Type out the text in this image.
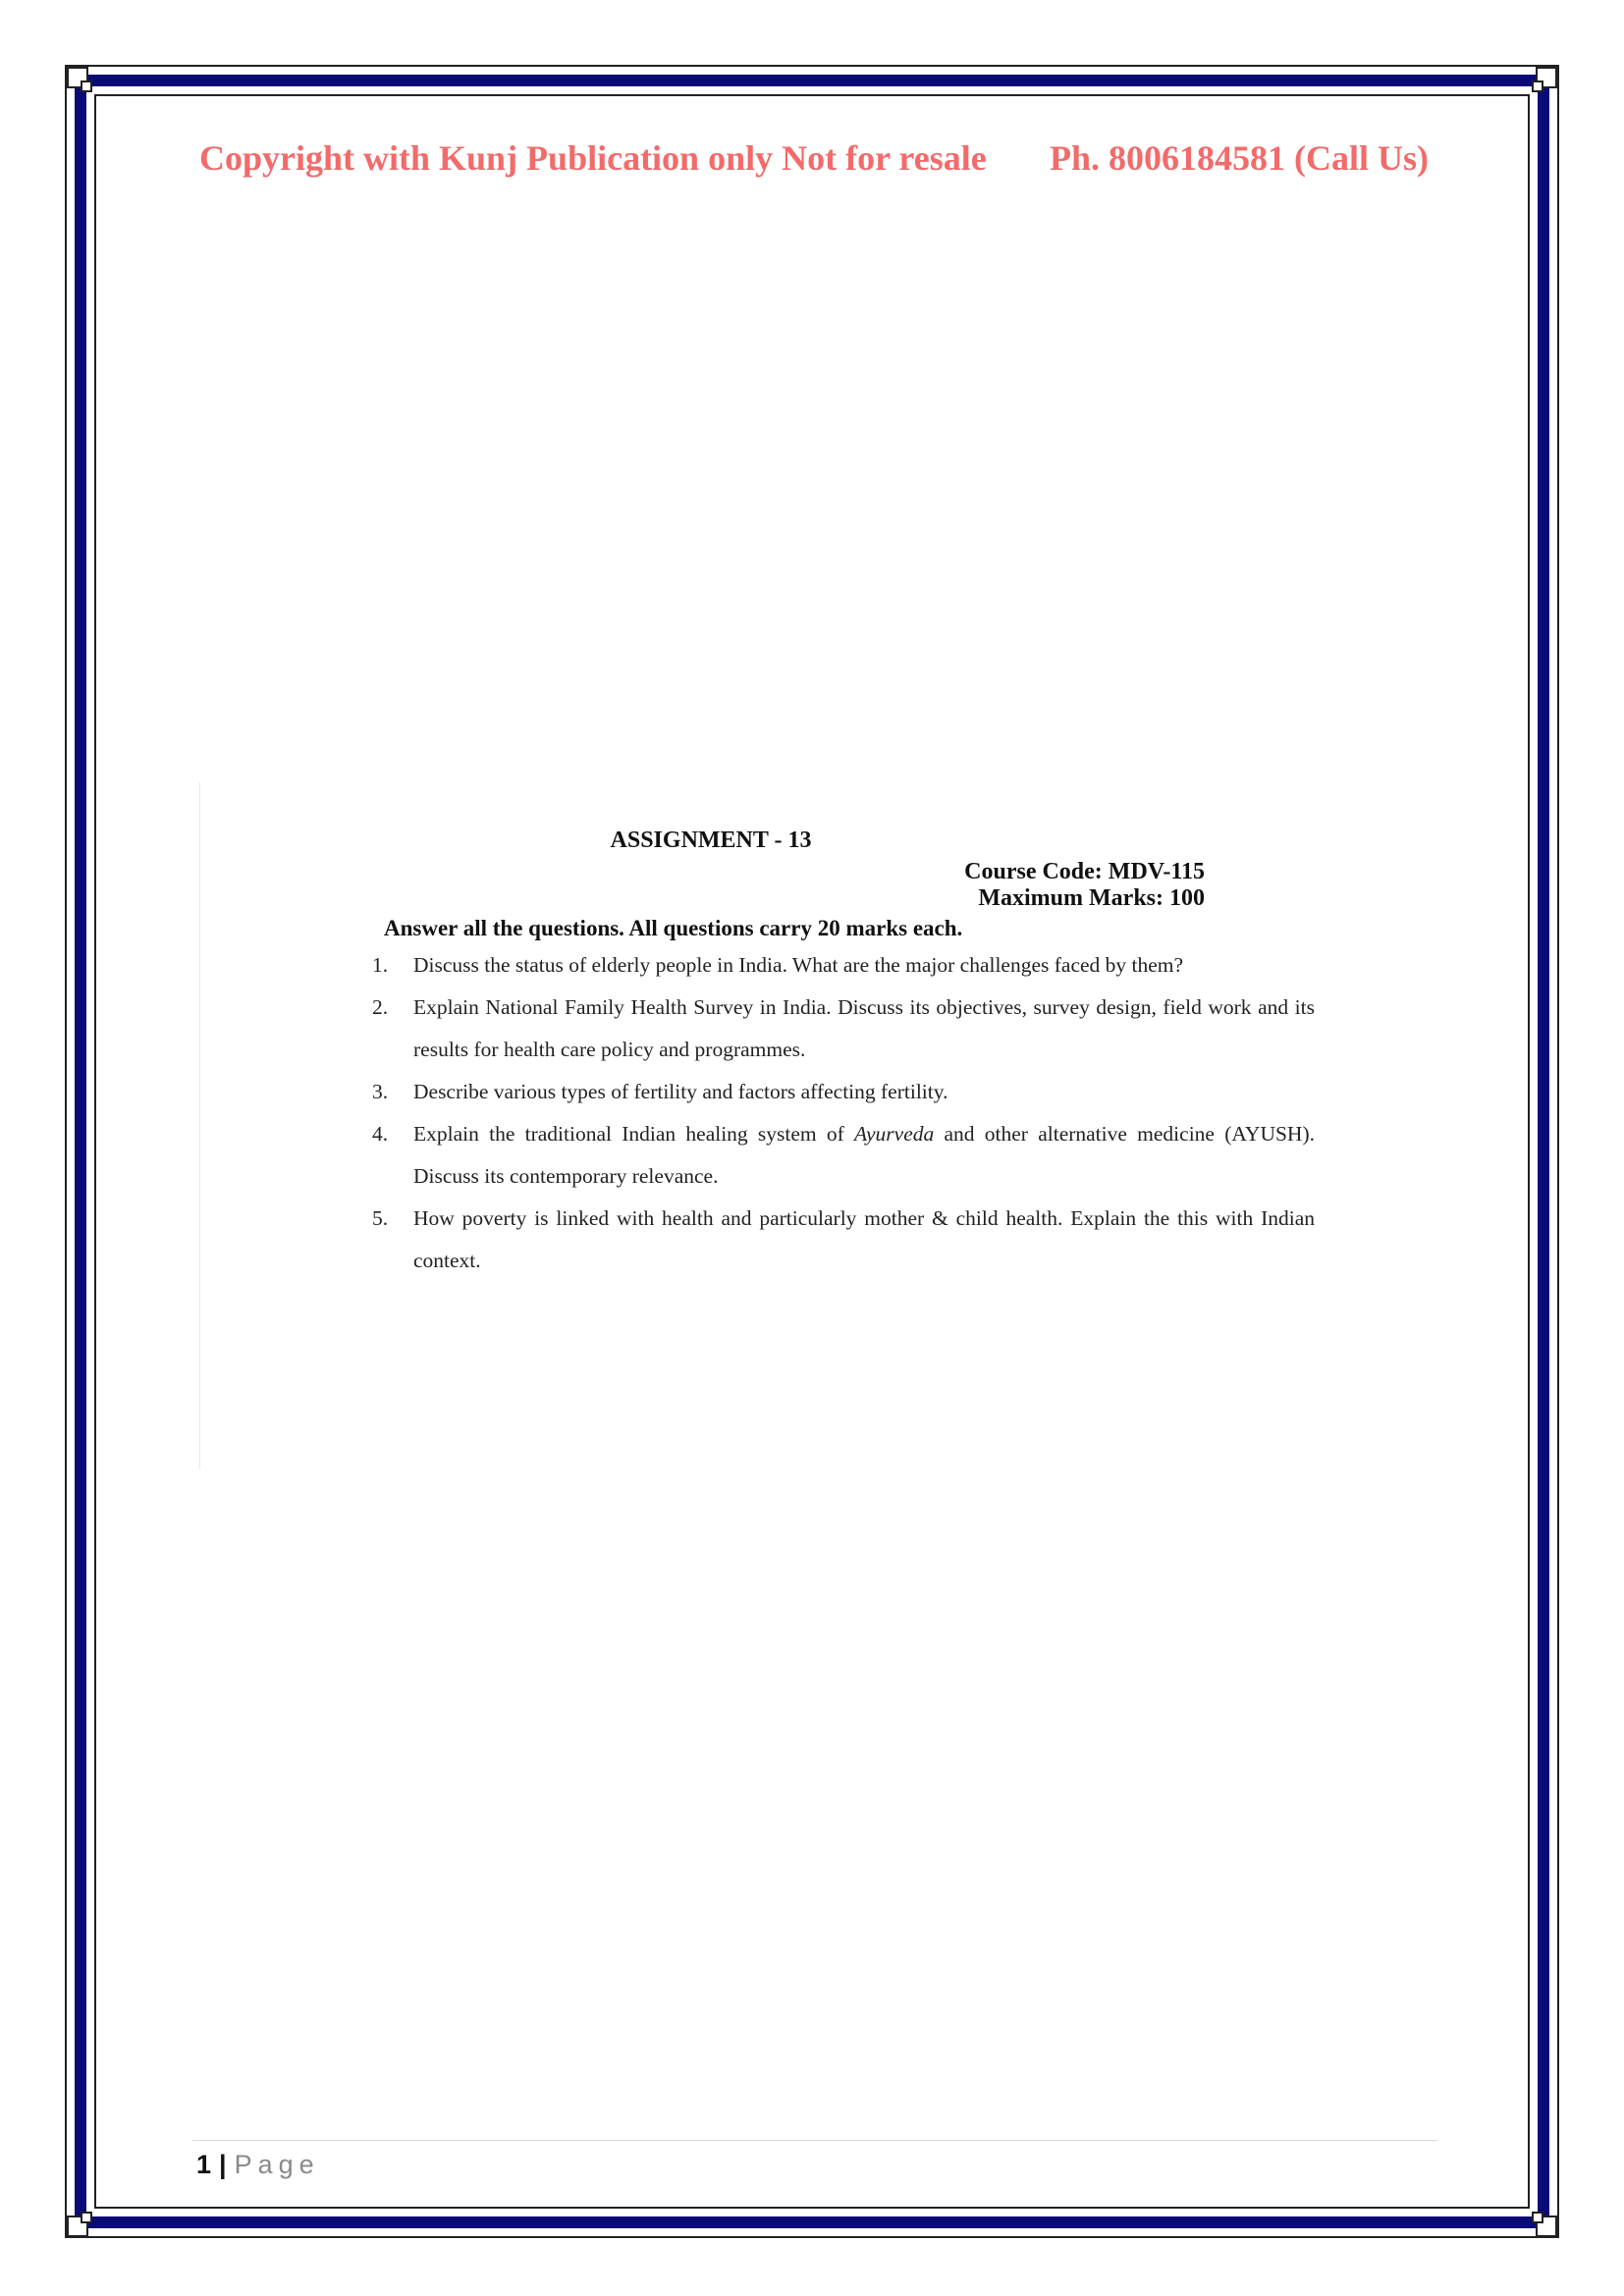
Copyright with Kunj Publication only Not for resale Ph. 8006184581 (Call Us)
ASSIGNMENT - 13
Course Code: MDV-115
Maximum Marks: 100
Answer all the questions. All questions carry 20 marks each.
1. Discuss the status of elderly people in India. What are the major challenges faced by them?
2. Explain National Family Health Survey in India. Discuss its objectives, survey design, field work and its results for health care policy and programmes.
3. Describe various types of fertility and factors affecting fertility.
4. Explain the traditional Indian healing system of Ayurveda and other alternative medicine (AYUSH). Discuss its contemporary relevance.
5. How poverty is linked with health and particularly mother & child health. Explain the this with Indian context.
1 | Page
